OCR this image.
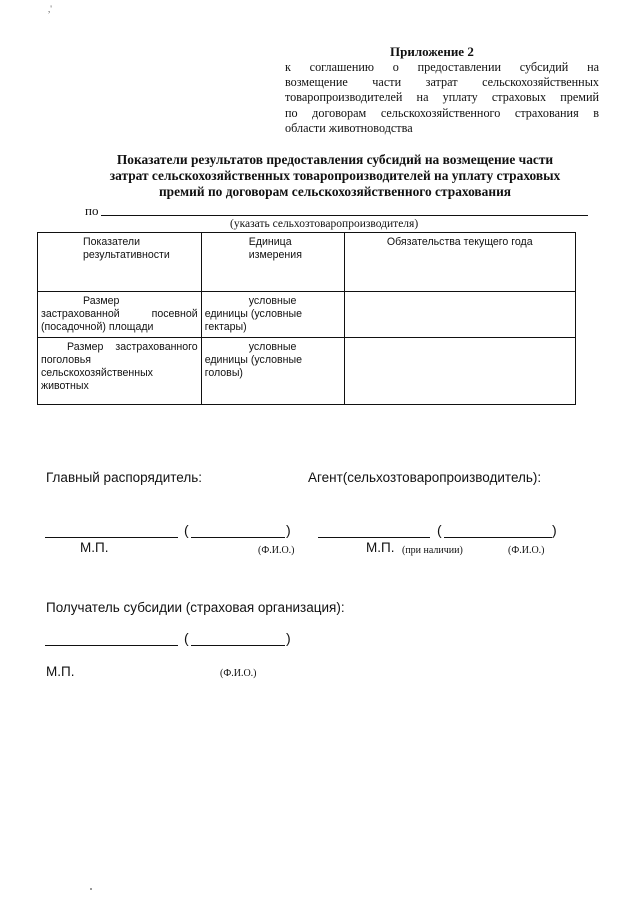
,'
Приложение 2
к соглашению о предоставлении субсидий на
возмещение части затрат сельскохозяйственных
товаропроизводителей на уплату страховых премий
по договорам сельскохозяйственного страхования в
области животноводства
Показатели результатов предоставления субсидий на возмещение части
затрат сельскохозяйственных товаропроизводителей на уплату страховых
премий по договорам сельскохозяйственного страхования
по
(указать сельхозтоваропроизводителя)
Показатели результативности	Единица измерения	Обязательства текущего года

Размер застрахованной посевной (посадочной) площади	условные единицы (условные гектары)	

Размер застрахованного поголовья сельскохозяйственных животных	условные единицы (условные головы)	

Главный распорядитель:	Агент(сельхозтоваропроизводитель):
(	)	(	)
М.П.	(Ф.И.О.)	М.П. (при наличии)	(Ф.И.О.)
Получатель субсидии (страховая организация):
(	)
М.П.	(Ф.И.О.)
